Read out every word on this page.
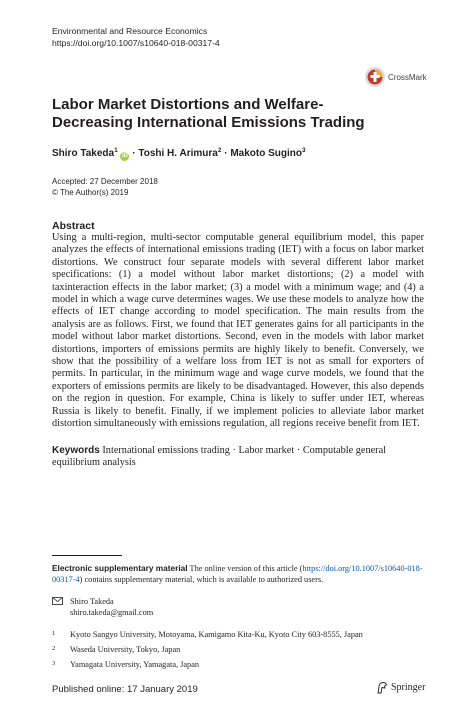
Environmental and Resource Economics
https://doi.org/10.1007/s10640-018-00317-4
CrossMark
Labor Market Distortions and Welfare-Decreasing International Emissions Trading
Shiro Takeda$^1$ iD · Toshi H. Arimura$^2$ · Makoto Sugino$^3$
Accepted: 27 December 2018
© The Author(s) 2019
Abstract
Using a multi-region, multi-sector computable general equilibrium model, this paper analyzes the effects of international emissions trading (IET) with a focus on labor market distortions. We construct four separate models with several different labor market specifications: (1) a model without labor market distortions; (2) a model with taxinteraction effects in the labor market; (3) a model with a minimum wage; and (4) a model in which a wage curve determines wages. We use these models to analyze how the effects of IET change according to model specification. The main results from the analysis are as follows. First, we found that IET generates gains for all participants in the model without labor market distortions. Second, even in the models with labor market distortions, importers of emissions permits are highly likely to benefit. Conversely, we show that the possibility of a welfare loss from IET is not as small for exporters of permits. In particular, in the minimum wage and wage curve models, we found that the exporters of emissions permits are likely to be disadvantaged. However, this also depends on the region in question. For example, China is likely to suffer under IET, whereas Russia is likely to benefit. Finally, if we implement policies to alleviate labor market distortion simultaneously with emissions regulation, all regions receive benefit from IET.
Keywords International emissions trading · Labor market · Computable general equilibrium analysis
Electronic supplementary material The online version of this article (https://doi.org/10.1007/s10640-018-00317-4) contains supplementary material, which is available to authorized users.
Shiro Takeda
shiro.takeda@gmail.com
1 Kyoto Sangyo University, Motoyama, Kamigamo Kita-Ku, Kyoto City 603-8555, Japan
2 Waseda University, Tokyo, Japan
3 Yamagata University, Yamagata, Japan
Published online: 17 January 2019	Springer
